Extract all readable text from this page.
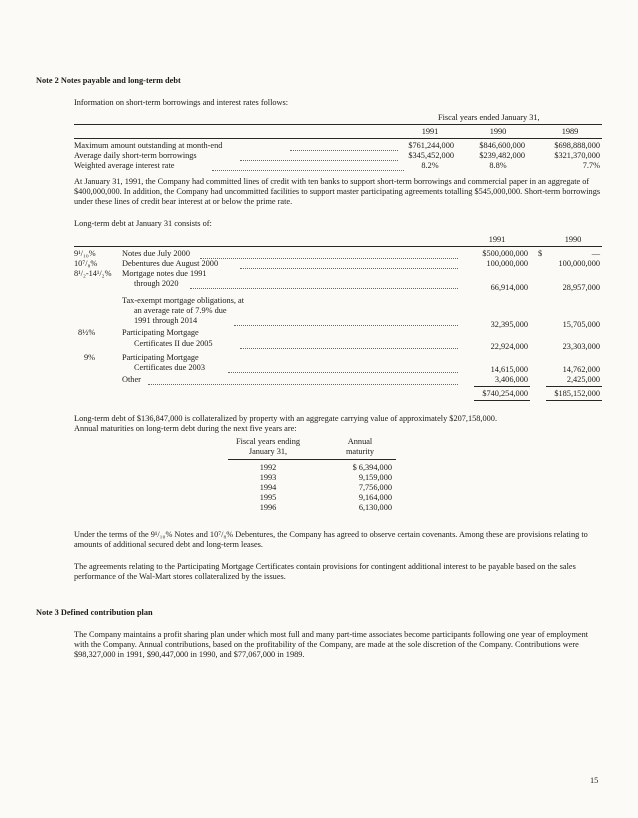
Note 2 Notes payable and long-term debt
Information on short-term borrowings and interest rates follows:
Fiscal years ended January 31,
1991	1990	1989
Maximum amount outstanding at month-end	$761,244,000	$846,600,000	$698,888,000
Average daily short-term borrowings	$345,452,000	$239,482,000	$321,370,000
Weighted average interest rate	8.2%	8.8%	7.7%
At January 31, 1991, the Company had committed lines of credit with ten banks to support short-term borrowings and commercial paper in an aggregate of $400,000,000. In addition, the Company had uncommitted facilities to support master participating agreements totalling $545,000,000. Short-term borrowings under these lines of credit bear interest at or below the prime rate.
Long-term debt at January 31 consists of:
1991	1990
9¹/₁₀%	Notes due July 2000	$500,000,000 $	—
10⁷/₈%	Debentures due August 2000	100,000,000	100,000,000
8¹/₂-14¹/₂% Mortgage notes due 1991
through 2020	66,914,000	28,957,000
Tax-exempt mortgage obligations, at
an average rate of 7.9% due
1991 through 2014	32,395,000	15,705,000
8½%	Participating Mortgage
Certificates II due 2005	22,924,000	23,303,000
9%	Participating Mortgage
Certificates due 2003	14,615,000	14,762,000
Other	3,406,000	2,425,000
$740,254,000	$185,152,000
Long-term debt of $136,847,000 is collateralized by property with an aggregate carrying value of approximately $207,158,000.
Annual maturities on long-term debt during the next five years are:
Fiscal years ending
January 31,
Annual
maturity
1992	$ 6,394,000
1993	9,159,000
1994	7,756,000
1995	9,164,000
1996	6,130,000
Under the terms of the 9¹/₁₀% Notes and 10⁷/₈% Debentures, the Company has agreed to observe certain covenants. Among these are provisions relating to amounts of additional secured debt and long-term leases.
The agreements relating to the Participating Mortgage Certificates contain provisions for contingent additional interest to be payable based on the sales performance of the Wal-Mart stores collateralized by the issues.
Note 3 Defined contribution plan
The Company maintains a profit sharing plan under which most full and many part-time associates become participants following one year of employment with the Company. Annual contributions, based on the profitability of the Company, are made at the sole discretion of the Company. Contributions were $98,327,000 in 1991, $90,447,000 in 1990, and $77,067,000 in 1989.
15
